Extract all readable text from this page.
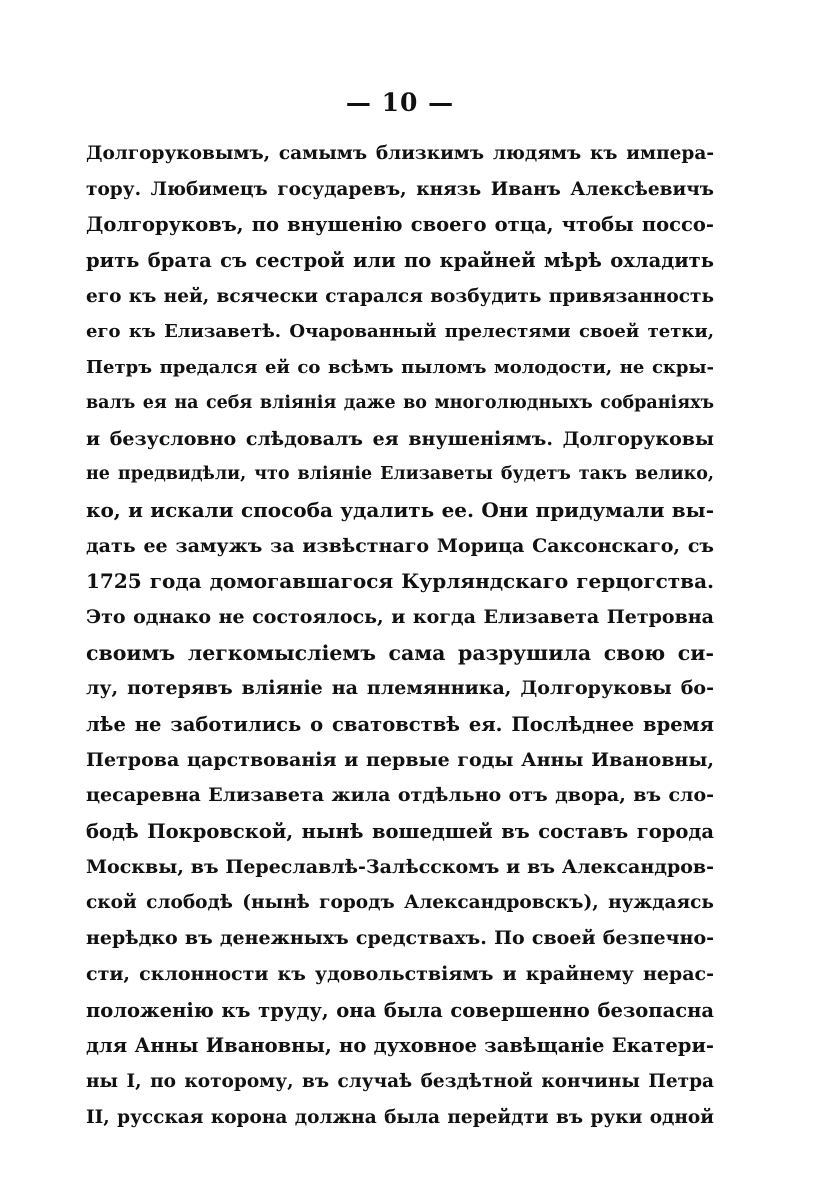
— 10 —
Долгоруковымъ, самымъ близкимъ людямъ къ импера-
тору. Любимецъ государевъ, князь Иванъ Алексѣевичъ
Долгоруковъ, по внушенію своего отца, чтобы поссо-
рить брата съ сестрой или по крайней мѣрѣ охладить
его къ ней, всячески старался возбудить привязанность
его къ Елизаветѣ. Очарованный прелестями своей тетки,
Петръ предался ей со всѣмъ пыломъ молодости, не скры-
валъ ея на себя вліянія даже во многолюдныхъ собраніяхъ
и безусловно слѣдовалъ ея внушеніямъ. Долгоруковы
не предвидѣли, что вліяніе Елизаветы будетъ такъ велико,
ко, и искали способа удалить ее. Они придумали вы-
дать ее замужъ за извѣстнаго Морица Саксонскаго, съ
1725 года домогавшагося Курляндскаго герцогства.
Это однако не состоялось, и когда Елизавета Петровна
своимъ легкомысліемъ сама разрушила свою си-
лу, потерявъ вліяніе на племянника, Долгоруковы бо-
лѣе не заботились о сватовствѣ ея. Послѣднее время
Петрова царствованія и первые годы Анны Ивановны,
цесаревна Елизавета жила отдѣльно отъ двора, въ сло-
бодѣ Покровской, нынѣ вошедшей въ составъ города
Москвы, въ Переславлѣ-Залѣсскомъ и въ Александров-
ской слободѣ (нынѣ городъ Александровскъ), нуждаясь
нерѣдко въ денежныхъ средствахъ. По своей безпечно-
сти, склонности къ удовольствіямъ и крайнему нерас-
положенію къ труду, она была совершенно безопасна
для Анны Ивановны, но духовное завѣщаніе Екатери-
ны I, по которому, въ случаѣ бездѣтной кончины Петра
II, русская корона должна была перейдти въ руки одной
